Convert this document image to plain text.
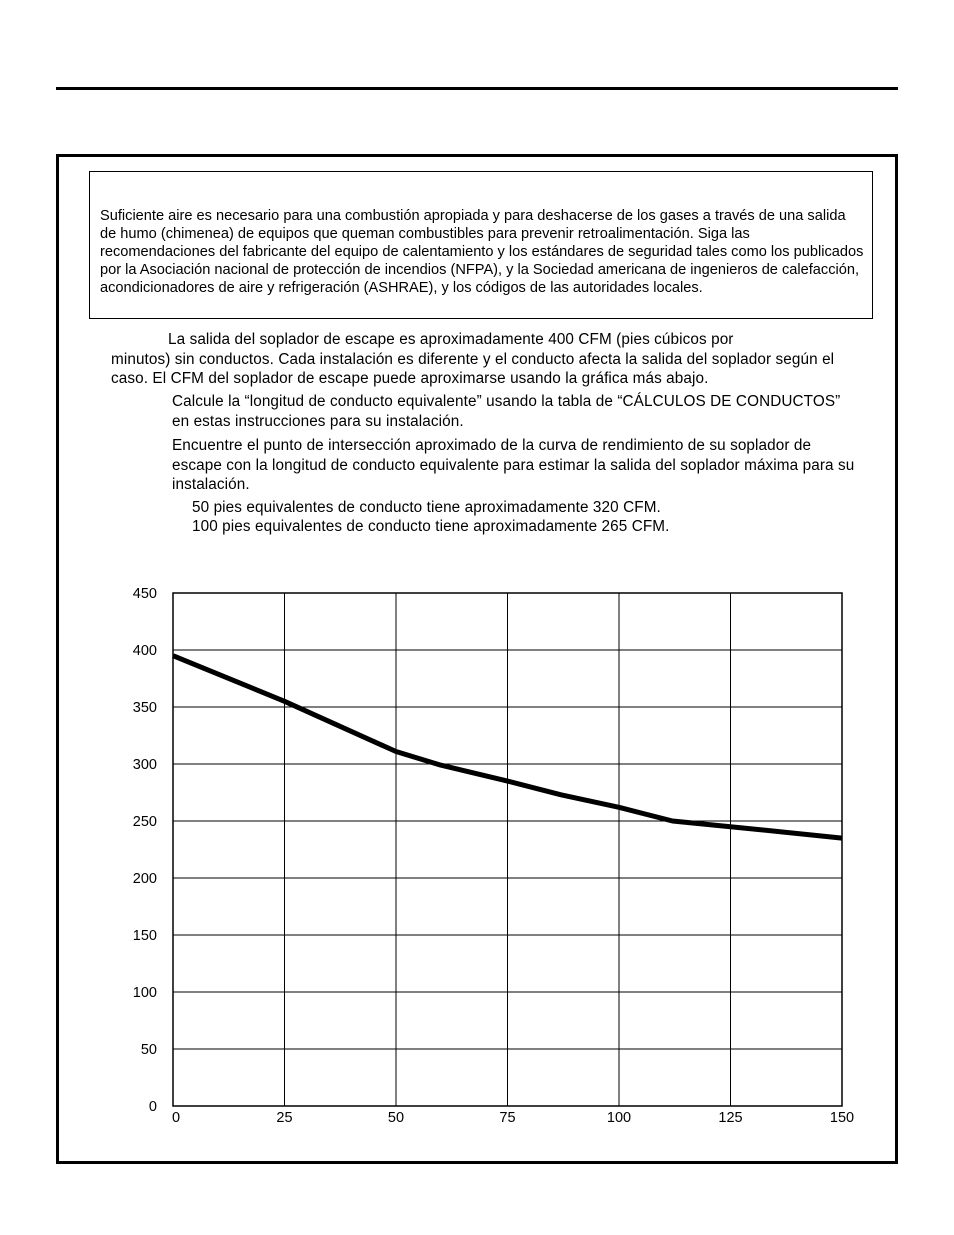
Suficiente aire es necesario para una combustión apropiada y para deshacerse de los gases a través de una salida de humo (chimenea) de equipos que queman combustibles para prevenir retroalimentación. Siga las recomendaciones del fabricante del equipo de calentamiento y los estándares de seguridad tales como los publicados por la Asociación nacional de protección de incendios (NFPA), y la Sociedad americana de ingenieros de calefacción, acondicionadores de aire y refrigeración (ASHRAE), y los códigos de las autoridades locales.

La salida del soplador de escape es aproximadamente 400 CFM (pies cúbicos por

minutos) sin conductos. Cada instalación es diferente y el conducto afecta la salida del soplador según el caso. El CFM del soplador de escape puede aproximarse usando la gráfica más abajo.

Calcule la “longitud de conducto equivalente” usando la tabla de “CÁLCULOS DE CONDUCTOS” en estas instrucciones para su instalación.

Encuentre el punto de intersección aproximado de la curva de rendimiento de su soplador de escape con la longitud de conducto equivalente para estimar la salida del soplador máxima para su instalación.

50 pies equivalentes de conducto tiene aproximadamente 320 CFM.

100 pies equivalentes de conducto tiene aproximadamente 265 CFM.

0
50
100
150
200
250
300
350
400
450
0	25	50	75	100	125	150
